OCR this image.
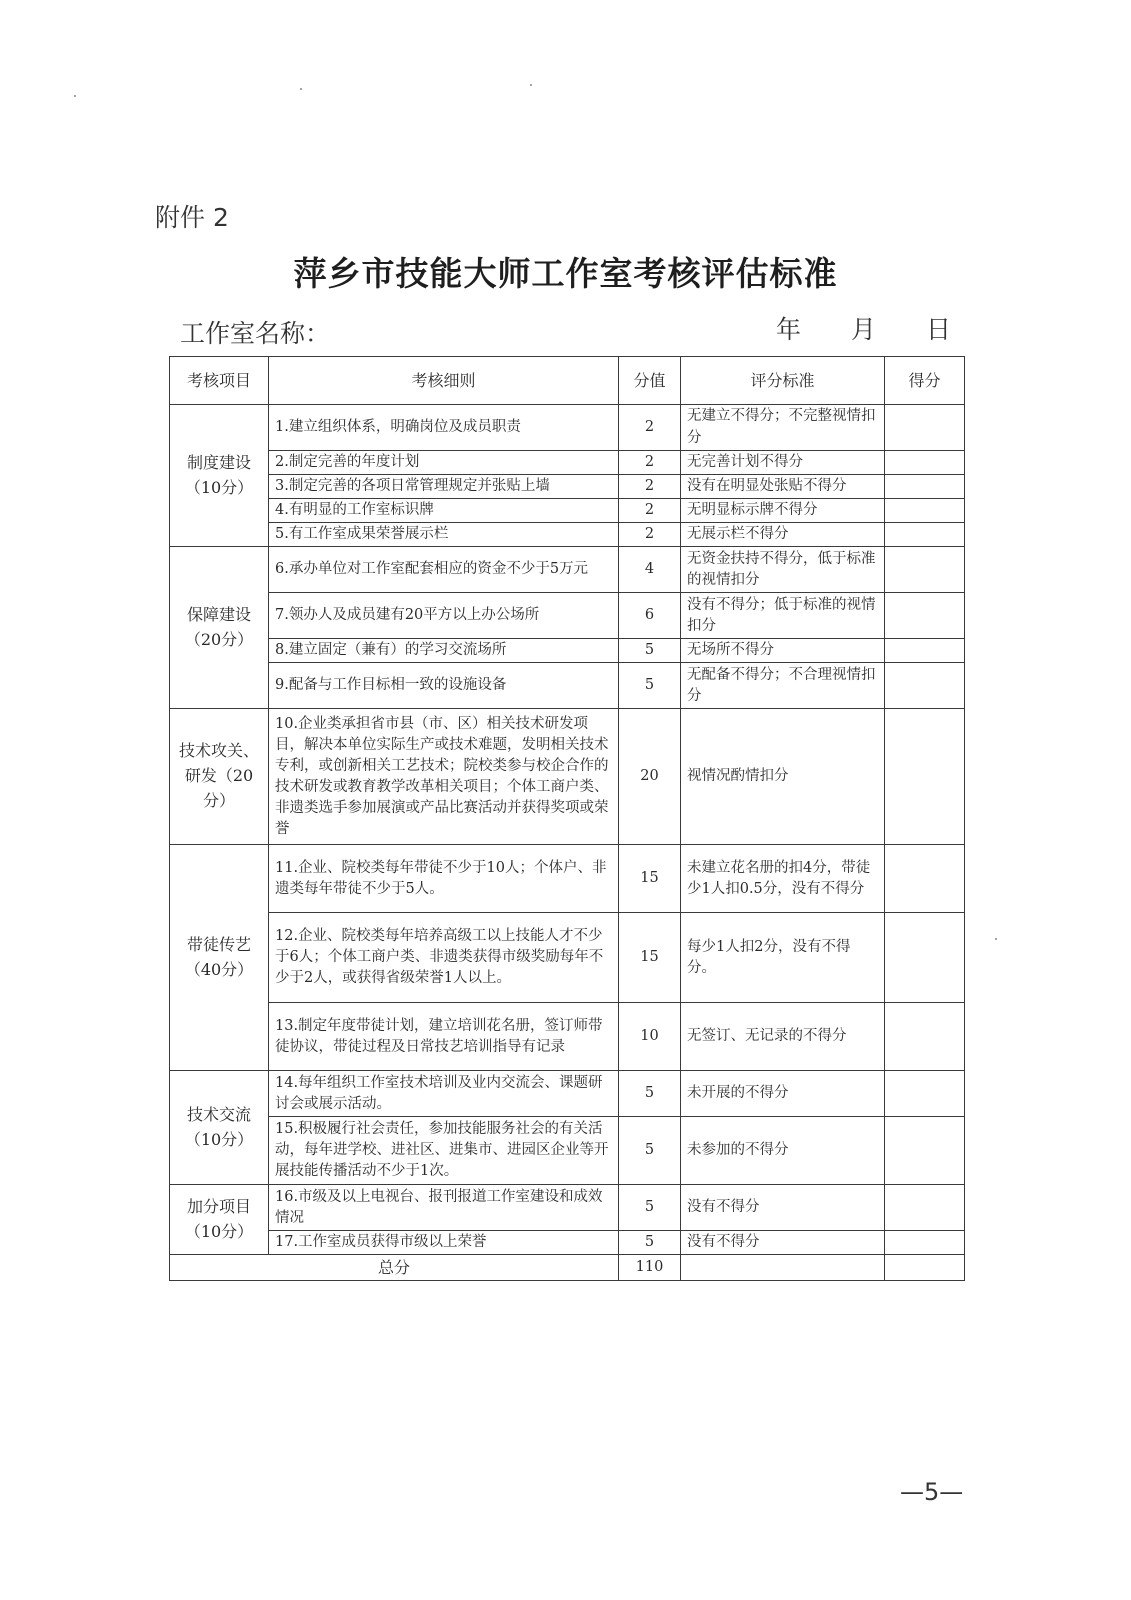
附件 2
萍乡市技能大师工作室考核评估标准
工作室名称：	年 月 日
考核项目	考核细则	分值	评分标准	得分
制度建设（10分）	1.建立组织体系，明确岗位及成员职责	2	无建立不得分；不完整视情扣分	
	2.制定完善的年度计划	2	无完善计划不得分	
	3.制定完善的各项日常管理规定并张贴上墙	2	没有在明显处张贴不得分	
	4.有明显的工作室标识牌	2	无明显标示牌不得分	
	5.有工作室成果荣誉展示栏	2	无展示栏不得分	
保障建设（20分）	6.承办单位对工作室配套相应的资金不少于5万元	4	无资金扶持不得分，低于标准的视情扣分	
	7.领办人及成员建有20平方以上办公场所	6	没有不得分；低于标准的视情扣分	
	8.建立固定（兼有）的学习交流场所	5	无场所不得分	
	9.配备与工作目标相一致的设施设备	5	无配备不得分；不合理视情扣分	
技术攻关、研发（20分）	10.企业类承担省市县（市、区）相关技术研发项目，解决本单位实际生产或技术难题，发明相关技术专利，或创新相关工艺技术；院校类参与校企合作的技术研发或教育教学改革相关项目；个体工商户类、非遗类选手参加展演或产品比赛活动并获得奖项或荣誉	20	视情况酌情扣分	
带徒传艺（40分）	11.企业、院校类每年带徒不少于10人；个体户、非遗类每年带徒不少于5人。	15	未建立花名册的扣4分，带徒少1人扣0.5分，没有不得分	
	12.企业、院校类每年培养高级工以上技能人才不少于6人；个体工商户类、非遗类获得市级奖励每年不少于2人，或获得省级荣誉1人以上。	15	每少1人扣2分，没有不得分。	
	13.制定年度带徒计划，建立培训花名册，签订师带徒协议，带徒过程及日常技艺培训指导有记录	10	无签订、无记录的不得分	
技术交流（10分）	14.每年组织工作室技术培训及业内交流会、课题研讨会或展示活动。	5	未开展的不得分	
	15.积极履行社会责任，参加技能服务社会的有关活动，每年进学校、进社区、进集市、进园区企业等开展技能传播活动不少于1次。	5	未参加的不得分	
加分项目（10分）	16.市级及以上电视台、报刊报道工作室建设和成效情况	5	没有不得分	
	17.工作室成员获得市级以上荣誉	5	没有不得分	
总分		110		
—5—
